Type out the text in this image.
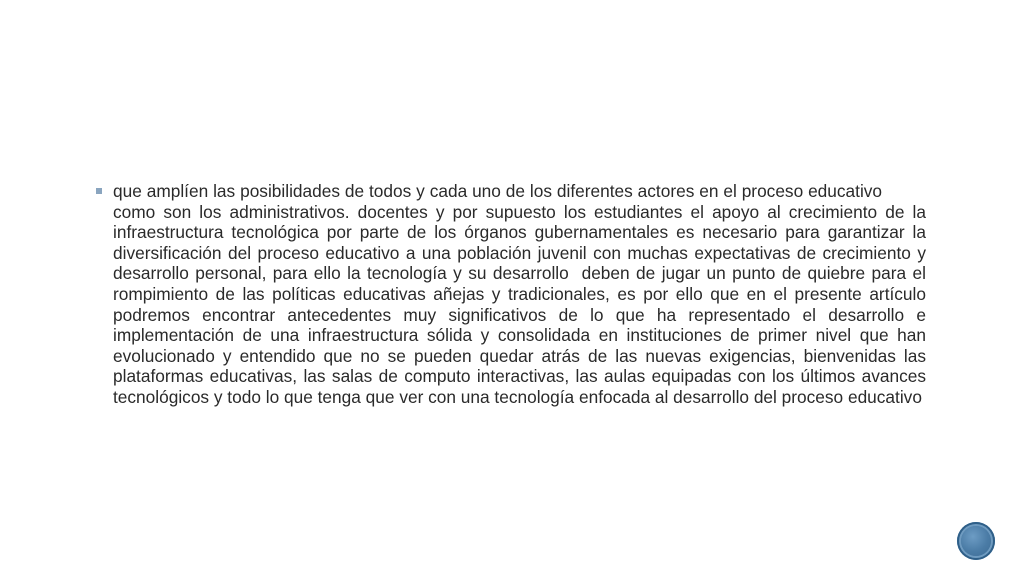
que amplíen las posibilidades de todos y cada uno de los diferentes actores en el proceso educativo          como son los administrativos. docentes y por supuesto los estudiantes el apoyo al crecimiento de la infraestructura tecnológica por parte de los órganos gubernamentales es necesario para garantizar la diversificación del proceso educativo a una población juvenil con muchas expectativas de crecimiento y desarrollo personal, para ello la tecnología y su desarrollo  deben de jugar un punto de quiebre para el rompimiento de las políticas educativas añejas y tradicionales, es por ello que en el presente artículo podremos encontrar antecedentes muy significativos de lo que ha representado el desarrollo e implementación de una infraestructura sólida y consolidada en instituciones de primer nivel que han evolucionado y entendido que no se pueden quedar atrás de las nuevas exigencias, bienvenidas las plataformas educativas, las salas de computo interactivas, las aulas equipadas con los últimos avances tecnológicos y todo lo que tenga que ver con una tecnología enfocada al desarrollo del proceso educativo
